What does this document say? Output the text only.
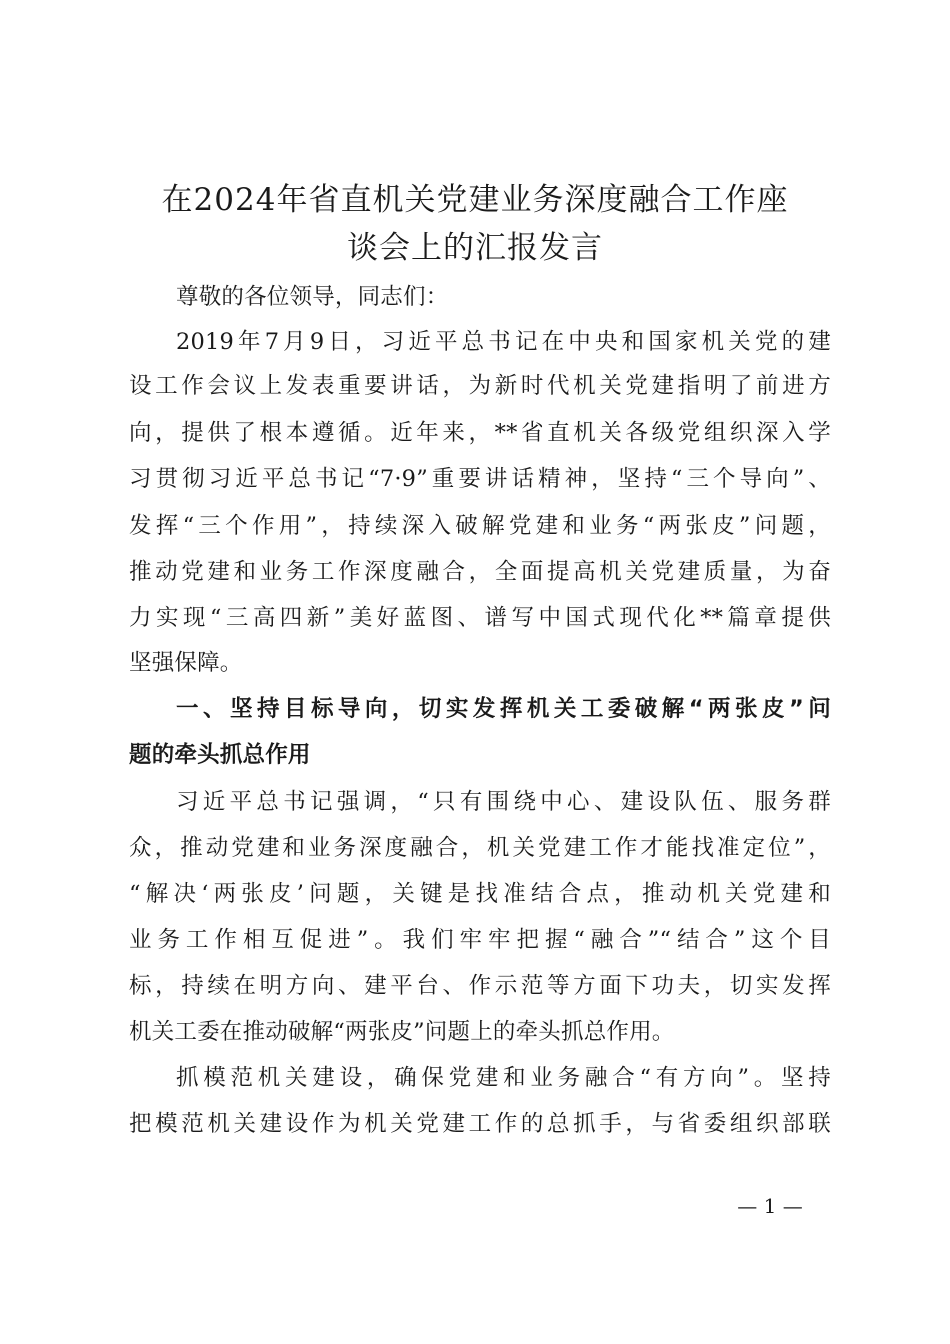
在2024年省直机关党建业务深度融合工作座
谈会上的汇报发言
尊敬的各位领导，同志们：
2019年7月9日，习近平总书记在中央和国家机关党的建
设工作会议上发表重要讲话，为新时代机关党建指明了前进方
向，提供了根本遵循。近年来，**省直机关各级党组织深入学
习贯彻习近平总书记“7·9”重要讲话精神，坚持“三个导向”、
发挥“三个作用”，持续深入破解党建和业务“两张皮”问题，
推动党建和业务工作深度融合，全面提高机关党建质量，为奋
力实现“三高四新”美好蓝图、谱写中国式现代化**篇章提供
坚强保障。
一、坚持目标导向，切实发挥机关工委破解“两张皮”问
题的牵头抓总作用
习近平总书记强调，“只有围绕中心、建设队伍、服务群
众，推动党建和业务深度融合，机关党建工作才能找准定位”，
“解决‘两张皮’问题，关键是找准结合点，推动机关党建和
业务工作相互促进”。我们牢牢把握“融合”“结合”这个目
标，持续在明方向、建平台、作示范等方面下功夫，切实发挥
机关工委在推动破解“两张皮”问题上的牵头抓总作用。
抓模范机关建设，确保党建和业务融合“有方向”。坚持
把模范机关建设作为机关党建工作的总抓手，与省委组织部联
— 1 —
